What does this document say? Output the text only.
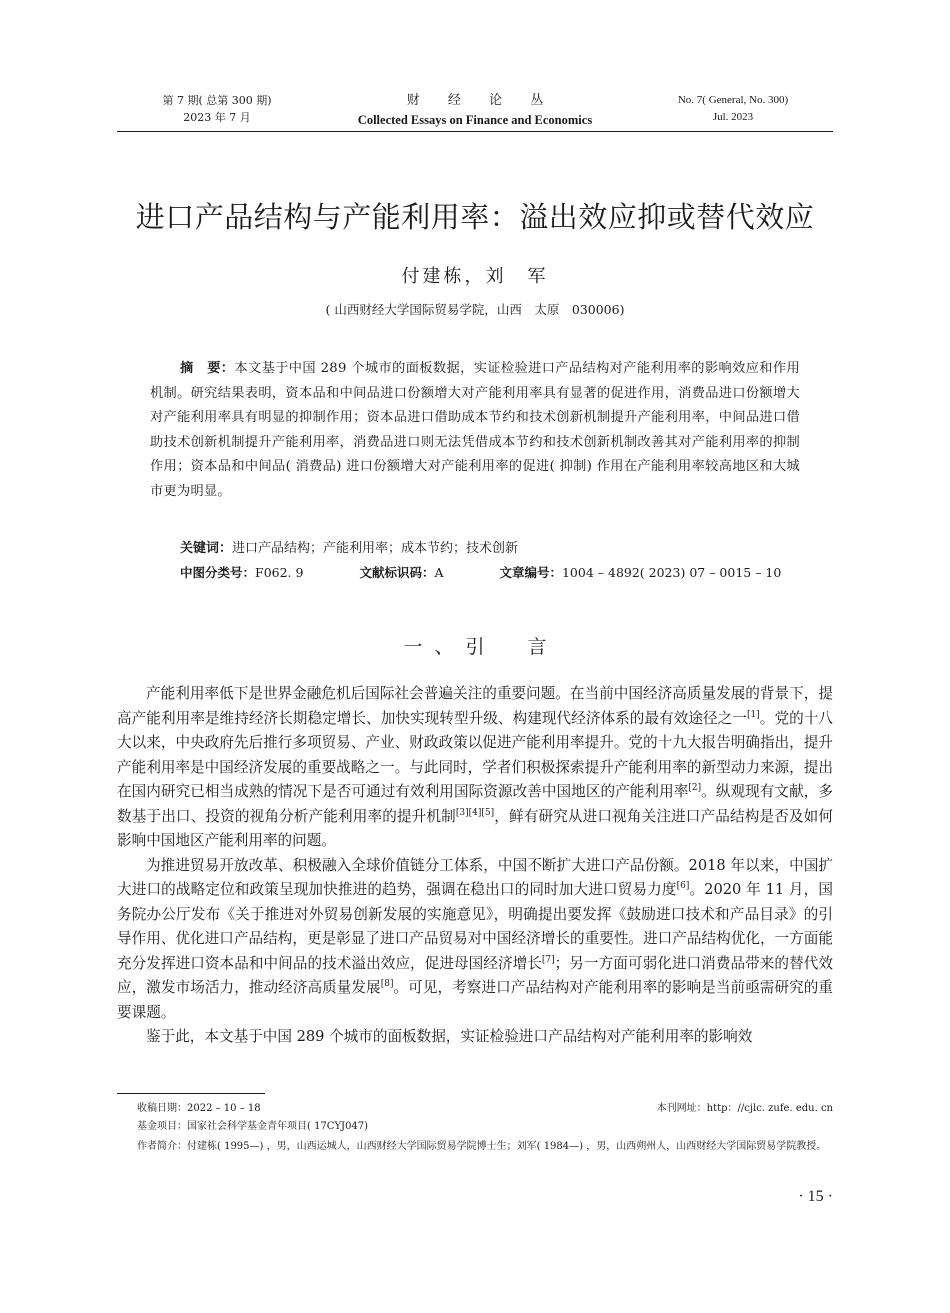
第 7 期( 总第 300 期)
2023 年 7 月
财 经 论 丛
Collected Essays on Finance and Economics
No. 7( General, No. 300)
Jul. 2023
进口产品结构与产能利用率：溢出效应抑或替代效应
付建栋，刘　军
( 山西财经大学国际贸易学院，山西　太原　030006)
摘　要：本文基于中国 289 个城市的面板数据，实证检验进口产品结构对产能利用率的影响效应和作用机制。研究结果表明，资本品和中间品进口份额增大对产能利用率具有显著的促进作用，消费品进口份额增大对产能利用率具有明显的抑制作用；资本品进口借助成本节约和技术创新机制提升产能利用率，中间品进口借助技术创新机制提升产能利用率，消费品进口则无法凭借成本节约和技术创新机制改善其对产能利用率的抑制作用；资本品和中间品( 消费品) 进口份额增大对产能利用率的促进( 抑制) 作用在产能利用率较高地区和大城市更为明显。
关键词：进口产品结构；产能利用率；成本节约；技术创新
中图分类号：F062. 9	文献标识码：A	文章编号：1004 – 4892( 2023) 07 – 0015 – 10
一、引　言

产能利用率低下是世界金融危机后国际社会普遍关注的重要问题。在当前中国经济高质量发展的背景下，提高产能利用率是维持经济长期稳定增长、加快实现转型升级、构建现代经济体系的最有效途径之一[1]。党的十八大以来，中央政府先后推行多项贸易、产业、财政政策以促进产能利用率提升。党的十九大报告明确指出，提升产能利用率是中国经济发展的重要战略之一。与此同时，学者们积极探索提升产能利用率的新型动力来源，提出在国内研究已相当成熟的情况下是否可通过有效利用国际资源改善中国地区的产能利用率[2]。纵观现有文献，多数基于出口、投资的视角分析产能利用率的提升机制[3][4][5]，鲜有研究从进口视角关注进口产品结构是否及如何影响中国地区产能利用率的问题。

为推进贸易开放改革、积极融入全球价值链分工体系，中国不断扩大进口产品份额。2018 年以来，中国扩大进口的战略定位和政策呈现加快推进的趋势，强调在稳出口的同时加大进口贸易力度[6]。2020 年 11 月，国务院办公厅发布《关于推进对外贸易创新发展的实施意见》，明确提出要发挥《鼓励进口技术和产品目录》的引导作用、优化进口产品结构，更是彰显了进口产品贸易对中国经济增长的重要性。进口产品结构优化，一方面能充分发挥进口资本品和中间品的技术溢出效应，促进母国经济增长[7]；另一方面可弱化进口消费品带来的替代效应，激发市场活力，推动经济高质量发展[8]。可见，考察进口产品结构对产能利用率的影响是当前亟需研究的重要课题。

鉴于此，本文基于中国 289 个城市的面板数据，实证检验进口产品结构对产能利用率的影响效

收稿日期：2022 – 10 – 18	本刊网址：http：//cjlc. zufe. edu. cn
基金项目：国家社会科学基金青年项目( 17CYJ047)
作者简介：付建栋( 1995—) ，男，山西运城人，山西财经大学国际贸易学院博士生；刘军( 1984—) ，男，山西朔州人，山西财经大学国际贸易学院教授。
· 15 ·
